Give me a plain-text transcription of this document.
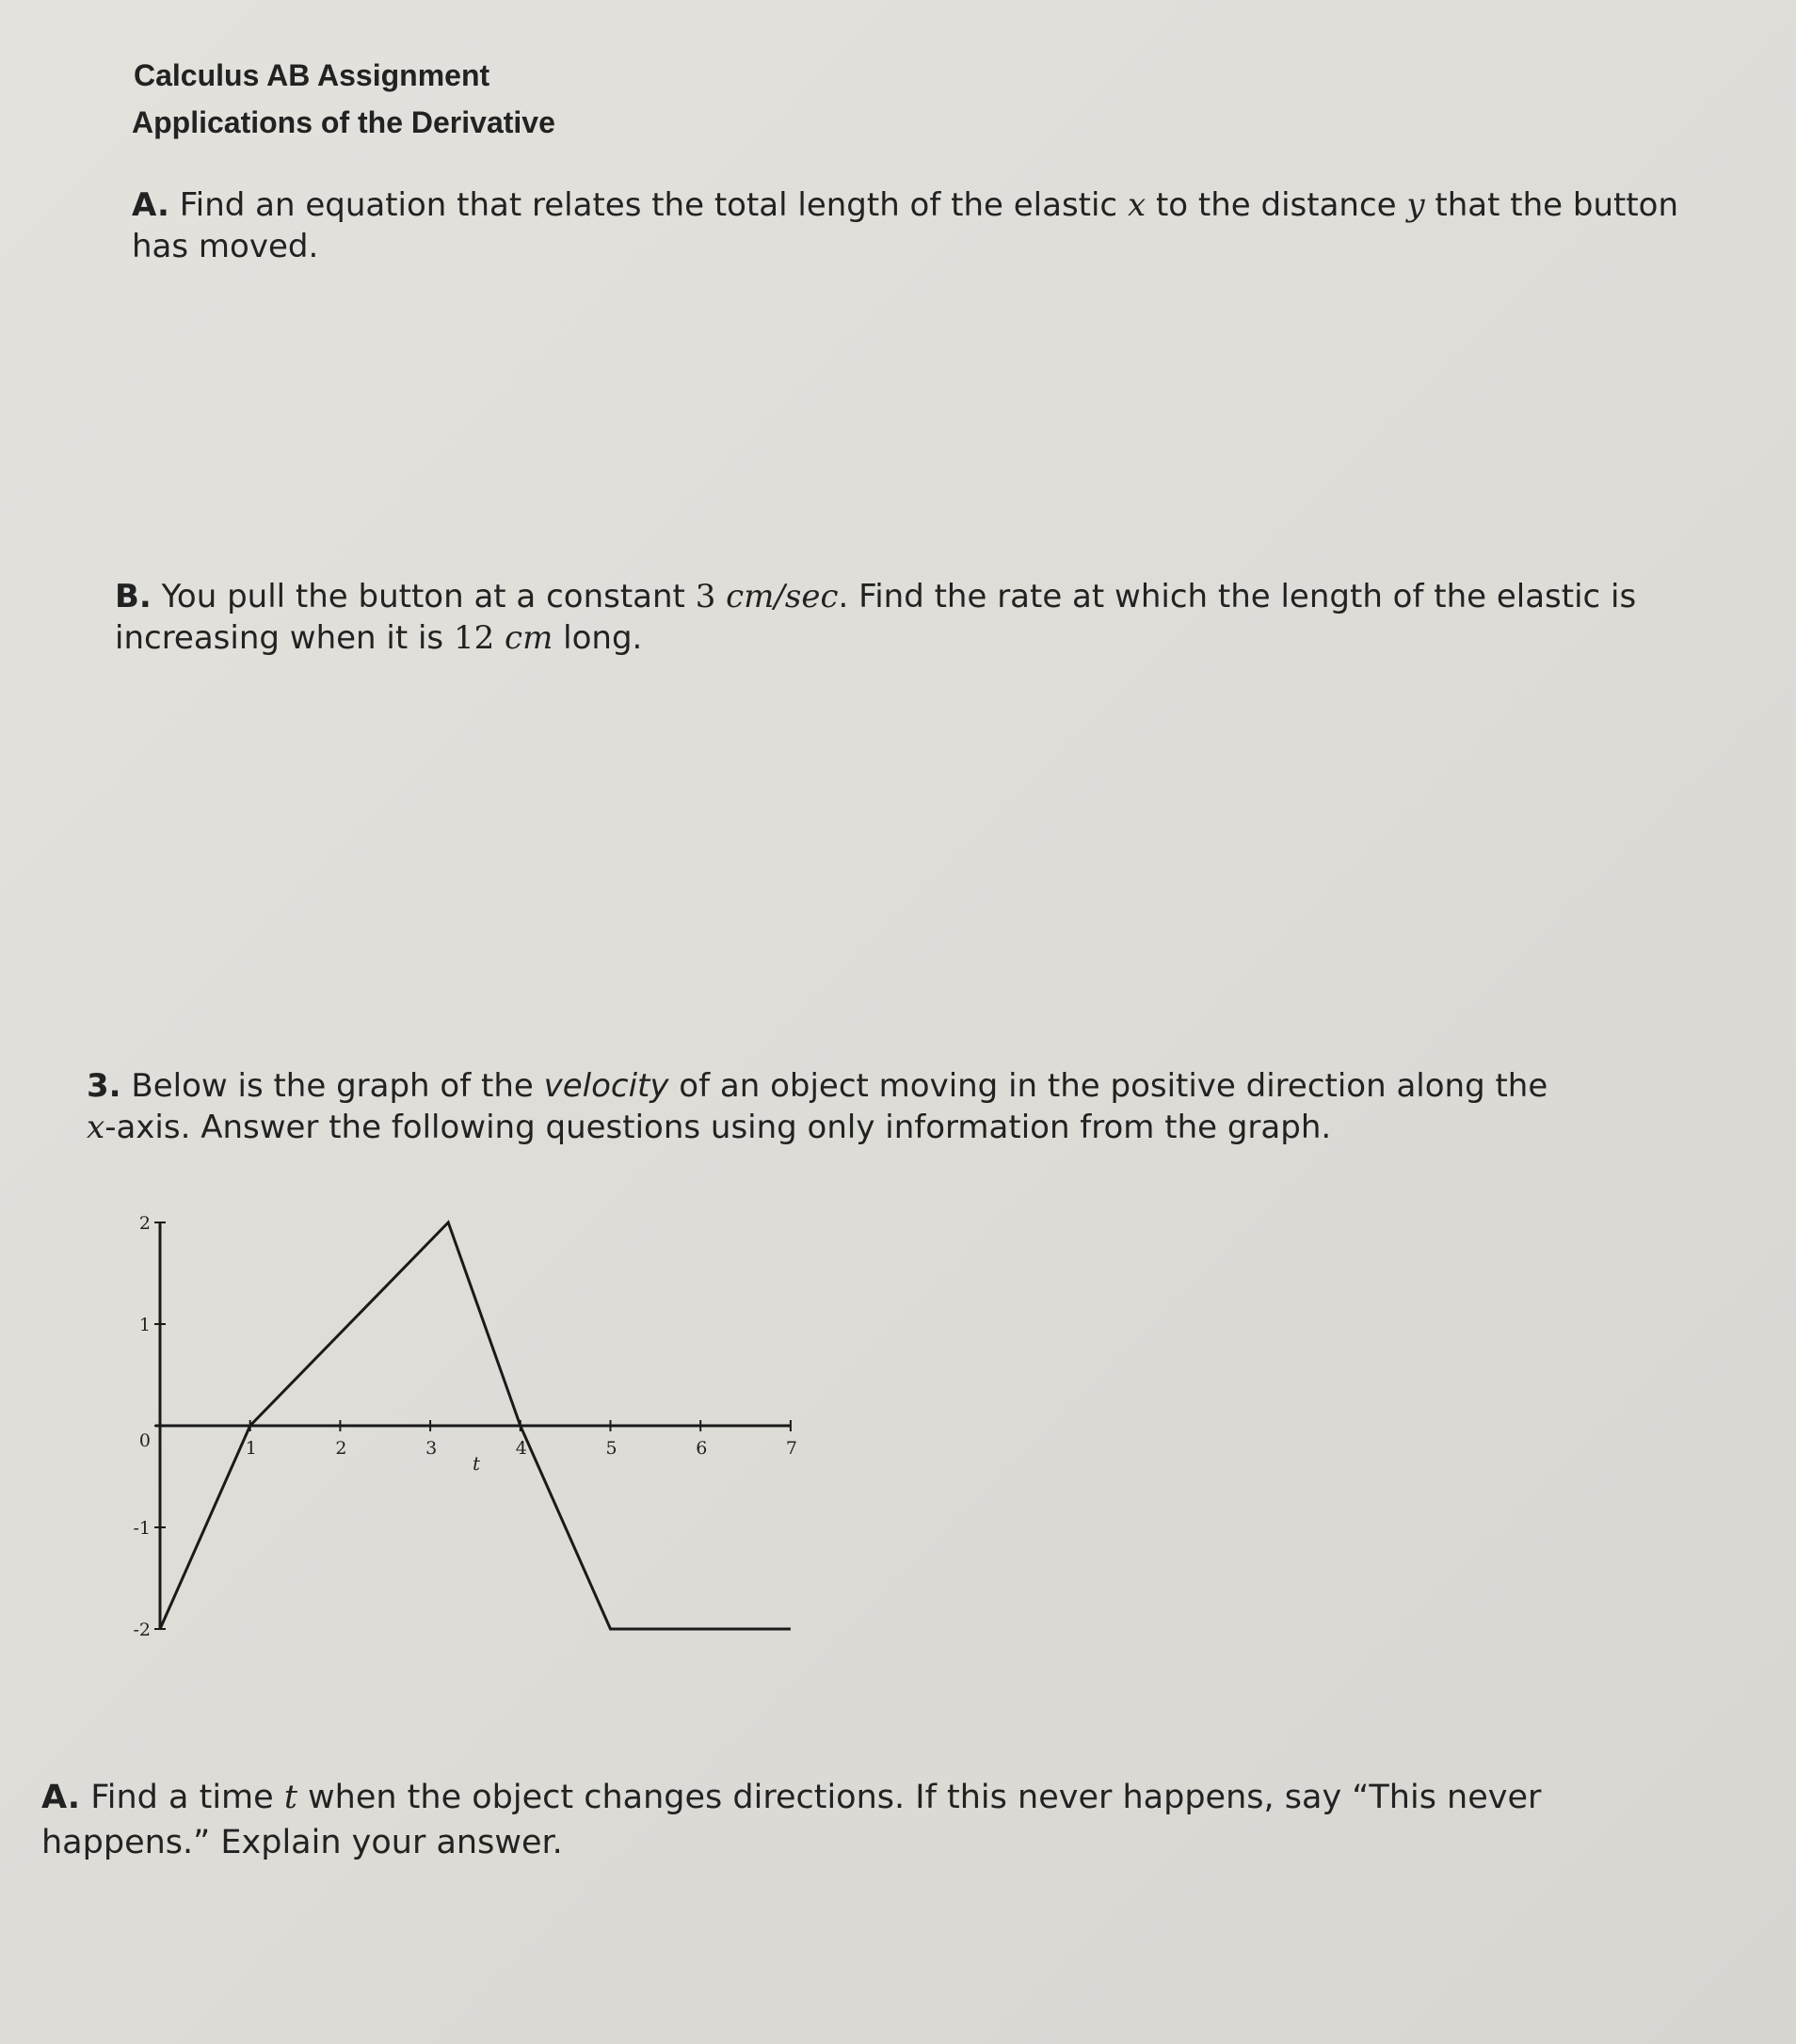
Calculus AB Assignment
Applications of the Derivative
A. Find an equation that relates the total length of the elastic x to the distance y that the button
has moved.
B. You pull the button at a constant 3 cm/sec. Find the rate at which the length of the elastic is
increasing when it is 12 cm long.
3. Below is the graph of the velocity of an object moving in the positive direction along the
x-axis. Answer the following questions using only information from the graph.
2
1
0
-1
-2
1	2	3	4	5	6	7
t
A. Find a time t when the object changes directions. If this never happens, say “This never
happens.” Explain your answer.
